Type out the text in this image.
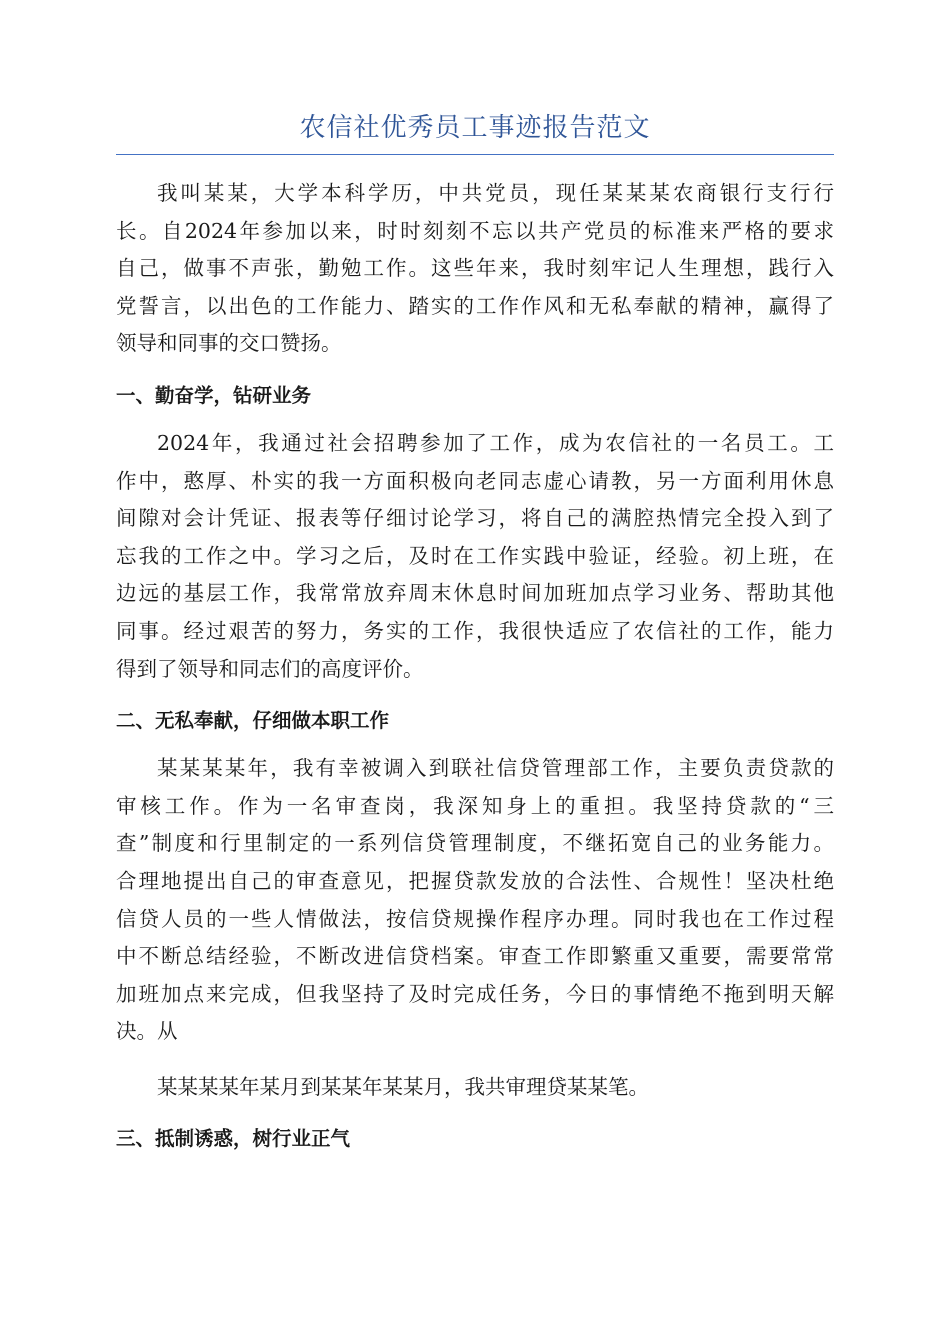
农信社优秀员工事迹报告范文
我叫某某，大学本科学历，中共党员，现任某某某农商银行支行行
长。自2024年参加以来，时时刻刻不忘以共产党员的标准来严格的要求
自己，做事不声张，勤勉工作。这些年来，我时刻牢记人生理想，践行入
党誓言，以出色的工作能力、踏实的工作作风和无私奉献的精神，赢得了
领导和同事的交口赞扬。
一、勤奋学，钻研业务
2024年，我通过社会招聘参加了工作，成为农信社的一名员工。工
作中，憨厚、朴实的我一方面积极向老同志虚心请教，另一方面利用休息
间隙对会计凭证、报表等仔细讨论学习，将自己的满腔热情完全投入到了
忘我的工作之中。学习之后，及时在工作实践中验证，经验。初上班，在
边远的基层工作，我常常放弃周末休息时间加班加点学习业务、帮助其他
同事。经过艰苦的努力，务实的工作，我很快适应了农信社的工作，能力
得到了领导和同志们的高度评价。
二、无私奉献，仔细做本职工作
某某某某年，我有幸被调入到联社信贷管理部工作，主要负责贷款的
审核工作。作为一名审查岗，我深知身上的重担。我坚持贷款的“三
查”制度和行里制定的一系列信贷管理制度，不继拓宽自己的业务能力。
合理地提出自己的审查意见，把握贷款发放的合法性、合规性！坚决杜绝
信贷人员的一些人情做法，按信贷规操作程序办理。同时我也在工作过程
中不断总结经验，不断改进信贷档案。审查工作即繁重又重要，需要常常
加班加点来完成，但我坚持了及时完成任务，今日的事情绝不拖到明天解
决。从
某某某某年某月到某某年某某月，我共审理贷某某笔。
三、抵制诱惑，树行业正气
